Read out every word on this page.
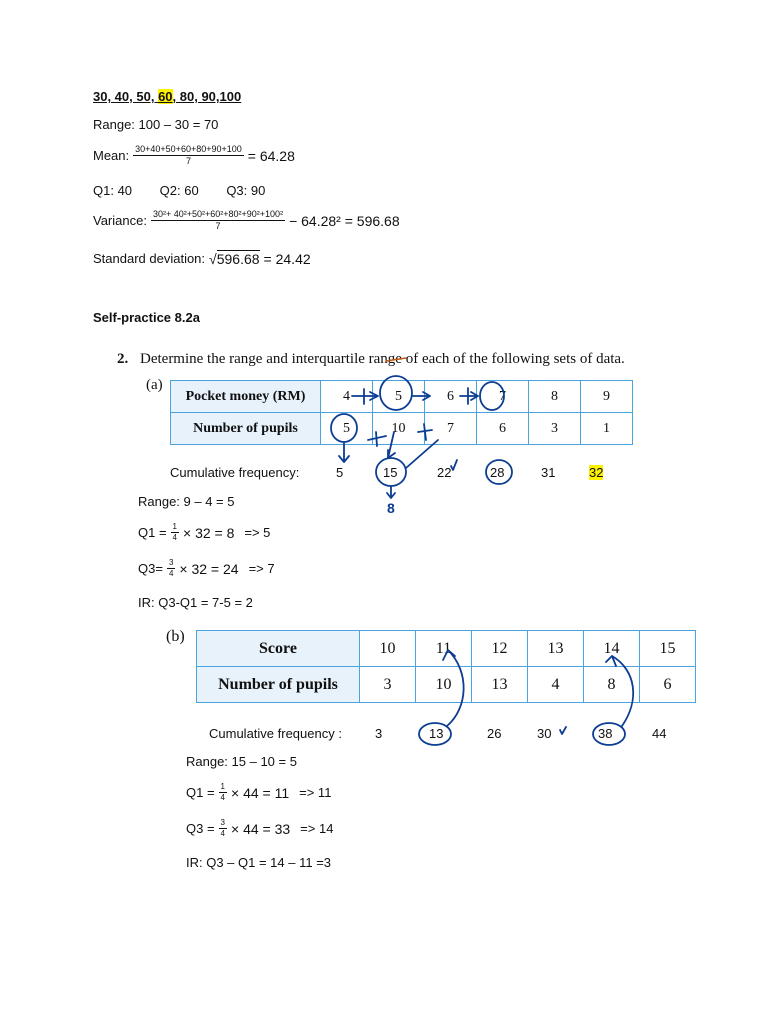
30, 40, 50, 60, 80, 90,100
Range: 100 – 30 = 70
Mean: $\frac{30+40+50+60+80+90+100}{7} = 64.28$
Q1: 40 Q2: 60 Q3: 90
Variance: $\frac{\text{30²+ 40²+50²+60²+80²+90²+100²}}{7} - 64.28^2 = 596.68$
Standard deviation: √ 596.68 = 24.42
Self-practice 8.2a
2. Determine the range and interquartile range of each of the following sets of data.
(a)
Pocket money (RM)	4	5	6	7	8	9
Number of pupils	5	10	7	6	3	1
Cumulative frequency:	5	15	22	28	31	32
Range: 9 – 4 = 5
$Q1 = \frac{1}{4} \times 32 = 8 => 5$
$Q3= \frac{3}{4} \times 32 = 24 => 7$
IR: Q3-Q1 = 7-5 = 2
(b)
Score	10	11	12	13	14	15
Number of pupils	3	10	13	4	8	6
Cumulative frequency :	3	13	26	30	38	44
Range: 15 – 10 = 5
$Q1 = \frac{1}{4} \times 44 = 11 => 11$
$Q3 = \frac{3}{4} \times 44 = 33 => 14$
IR: Q3 – Q1 = 14 – 11 =3
8
